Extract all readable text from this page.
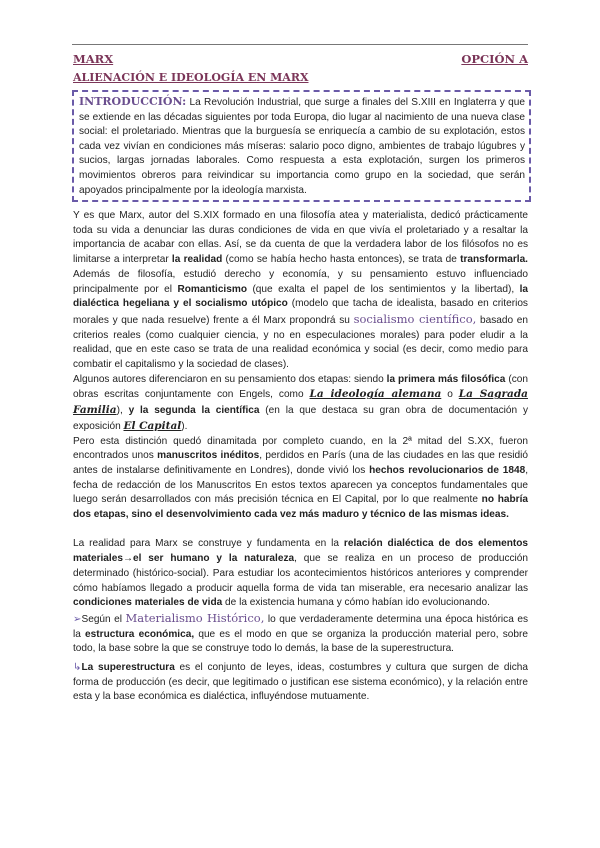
MARX	OPCIÓN A
ALIENACIÓN E IDEOLOGÍA EN MARX
INTRODUCCIÓN: La Revolución Industrial, que surge a finales del S.XIII en Inglaterra y que se extiende en las décadas siguientes por toda Europa, dio lugar al nacimiento de una nueva clase social: el proletariado. Mientras que la burguesía se enriquecía a cambio de su explotación, estos cada vez vivían en condiciones más míseras: salario poco digno, ambientes de trabajo lúgubres y sucios, largas jornadas laborales. Como respuesta a esta explotación, surgen los primeros movimientos obreros para reivindicar su importancia como grupo en la sociedad, que serán apoyados principalmente por la ideología marxista.

Y es que Marx, autor del S.XIX formado en una filosofía atea y materialista, dedicó prácticamente toda su vida a denunciar las duras condiciones de vida en que vivía el proletariado y a resaltar la importancia de acabar con ellas. Así, se da cuenta de que la verdadera labor de los filósofos no es limitarse a interpretar la realidad (como se había hecho hasta entonces), se trata de transformarla. Además de filosofía, estudió derecho y economía, y su pensamiento estuvo influenciado principalmente por el Romanticismo (que exalta el papel de los sentimientos y la libertad), la dialéctica hegeliana y el socialismo utópico (modelo que tacha de idealista, basado en criterios morales y que nada resuelve) frente a él Marx propondrá su socialismo científico, basado en criterios reales (como cualquier ciencia, y no en especulaciones morales) para poder eludir a la realidad, que en este caso se trata de una realidad económica y social (es decir, como medio para combatir el capitalismo y la sociedad de clases).

Algunos autores diferenciaron en su pensamiento dos etapas: siendo la primera más filosófica (con obras escritas conjuntamente con Engels, como La ideología alemana o La Sagrada Familia), y la segunda la científica (en la que destaca su gran obra de documentación y exposición El Capital).

Pero esta distinción quedó dinamitada por completo cuando, en la 2ª mitad del S.XX, fueron encontrados unos manuscritos inéditos, perdidos en París (una de las ciudades en las que residió antes de instalarse definitivamente en Londres), donde vivió los hechos revolucionarios de 1848, fecha de redacción de los Manuscritos En estos textos aparecen ya conceptos fundamentales que luego serán desarrollados con más precisión técnica en El Capital, por lo que realmente no habría dos etapas, sino el desenvolvimiento cada vez más maduro y técnico de las mismas ideas.

La realidad para Marx se construye y fundamenta en la relación dialéctica de dos elementos materiales→el ser humano y la naturaleza, que se realiza en un proceso de producción determinado (histórico-social). Para estudiar los acontecimientos históricos anteriores y comprender cómo habíamos llegado a producir aquella forma de vida tan miserable, era necesario analizar las condiciones materiales de vida de la existencia humana y cómo habían ido evolucionando.

➢Según el Materialismo Histórico, lo que verdaderamente determina una época histórica es la estructura económica, que es el modo en que se organiza la producción material pero, sobre todo, la base sobre la que se construye todo lo demás, la base de la superestructura.

↳La superestructura es el conjunto de leyes, ideas, costumbres y cultura que surgen de dicha forma de producción (es decir, que legitimado o justifican ese sistema económico), y la relación entre esta y la base económica es dialéctica, influyéndose mutuamente.
